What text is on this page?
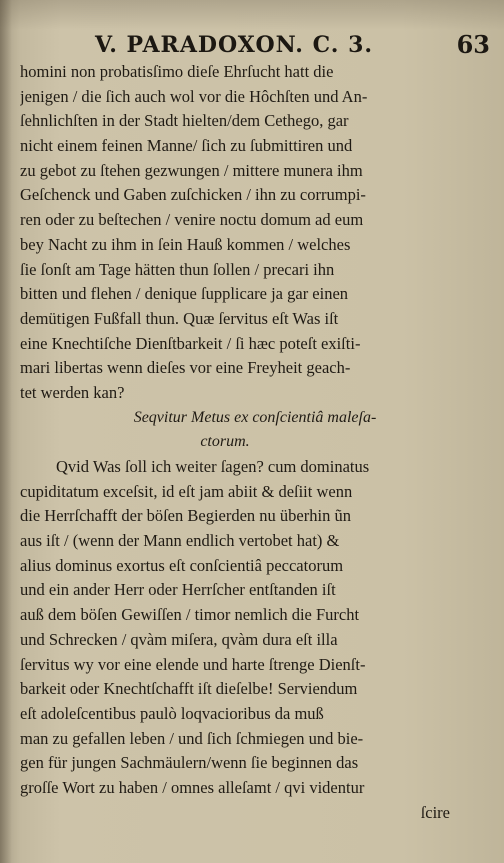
V. PARADOXON. C. 3.	63
homini non probatisſimo dieſe Ehrſucht hatt die
jenigen / die ſich auch wol vor die Hôchſten und An-
ſehnlichſten in der Stadt hielten/dem Cethego, gar
nicht einem feinen Manne/ ſich zu ſubmittiren und
zu gebot zu ſtehen gezwungen / mittere munera ihm
Geſchenck und Gaben zuſchicken / ihn zu corrumpi-
ren oder zu beſtechen / venire noctu domum ad eum
bey Nacht zu ihm in ſein Hauß kommen / welches
ſie ſonſt am Tage hätten thun ſollen / precari ihn
bitten und flehen / denique ſupplicare ja gar einen
demütigen Fußfall thun. Quæ ſervitus eſt Was iſt
eine Knechtiſche Dienſtbarkeit / ſi hæc poteſt exiſti-
mari libertas wenn dieſes vor eine Freyheit geach-
tet werden kan?
Seqvitur Metus ex conſcientiâ maleſa-
ctorum.
Qvid Was ſoll ich weiter ſagen? cum dominatus
cupiditatum exceſsit, id eſt jam abiit & deſiit wenn
die Herrſchafft der böſen Begierden nu überhin ũn
aus iſt / (wenn der Mann endlich vertobet hat) &
alius dominus exortus eſt conſcientiâ peccatorum
und ein ander Herr oder Herrſcher entſtanden iſt
auß dem böſen Gewiſſen / timor nemlich die Furcht
und Schrecken / qvàm miſera, qvàm dura eſt illa
ſervitus wy vor eine elende und harte ſtrenge Dienſt-
barkeit oder Knechtſchafft iſt dieſelbe! Serviendum
eſt adoleſcentibus paulò loqvacioribus da muß
man zu gefallen leben / und ſich ſchmiegen und bie-
gen für jungen Sachmäulern/wenn ſie beginnen das
groſſe Wort zu haben / omnes alleſamt / qvi videntur
ſcire
